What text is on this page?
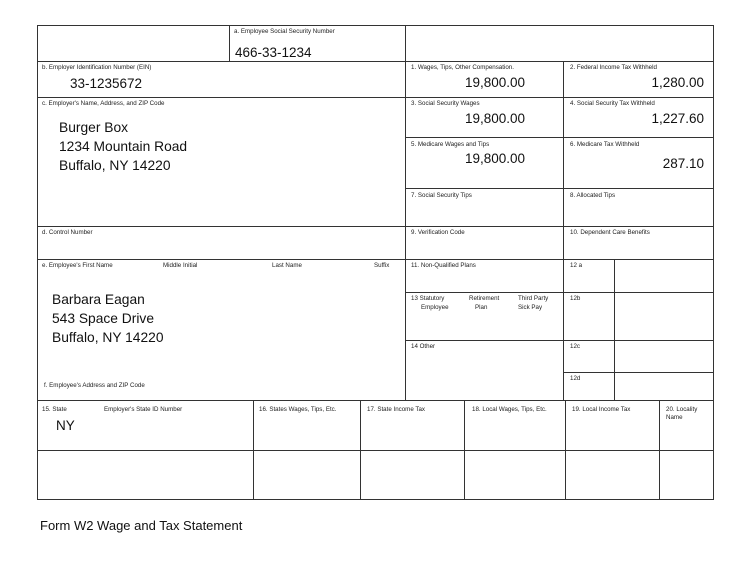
a. Employee Social Security Number
466-33-1234
b. Employer Identification Number (EIN)
33-1235672
c. Employer's Name, Address, and ZIP Code
Burger Box
1234 Mountain Road
Buffalo, NY 14220
d. Control Number
e. Employee's First Name	Middle Initial	Last Name	Suffix
Barbara Eagan
543 Space Drive
Buffalo, NY 14220
f. Employee's Address and ZIP Code
1. Wages, Tips, Other Compensation.
19,800.00
2. Federal Income Tax Withheld
1,280.00
3. Social Security Wages
19,800.00
4. Social Security Tax Withheld
1,227.60
5. Medicare Wages and Tips
19,800.00
6. Medicare Tax Withheld
287.10
7. Social Security Tips	8. Allocated Tips
9. Verification Code	10. Dependent Care Benefits
11. Non-Qualified Plans	12 a
13 Statutory
Employee
Retirement
Plan
Third Party
Sick Pay
12b
14 Other	12c
12d
15. State	Employer's State ID Number
NY
16. States Wages, Tips, Etc.	17. State Income Tax	18. Local Wages, Tips, Etc.	19. Local Income Tax	20. Locality
Name
Form W2 Wage and Tax Statement
